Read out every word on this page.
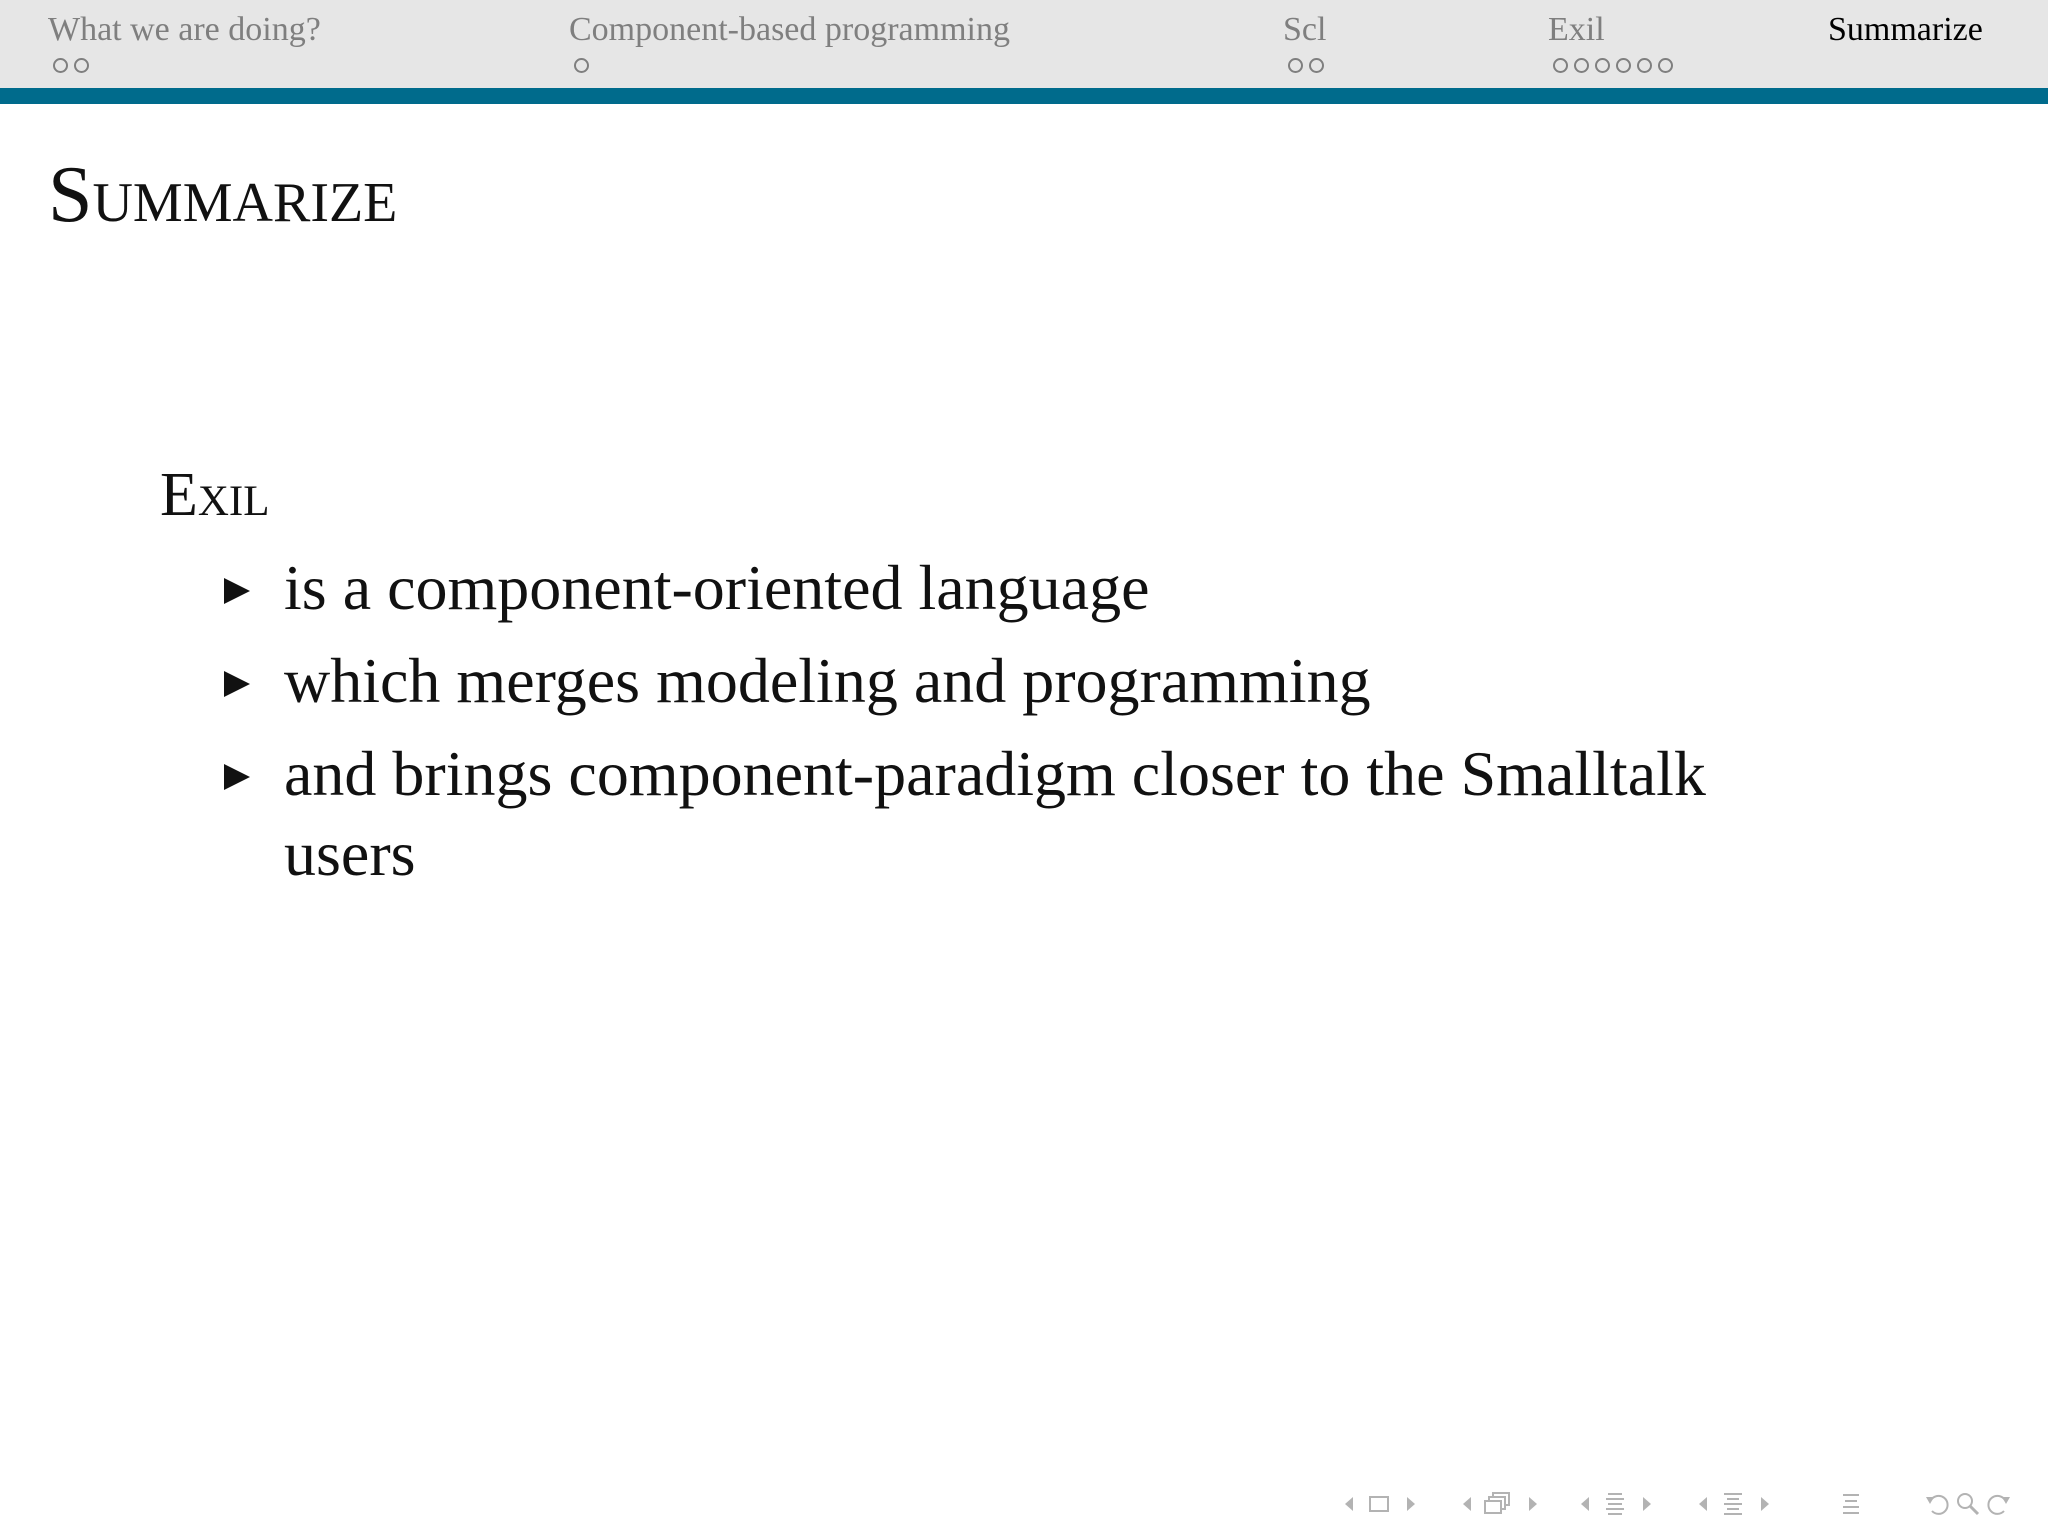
What we are doing?	Component-based programming	Scl	Exil	Summarize
Summarize
Exil
is a component-oriented language
which merges modeling and programming
and brings component-paradigm closer to the Smalltalk users
